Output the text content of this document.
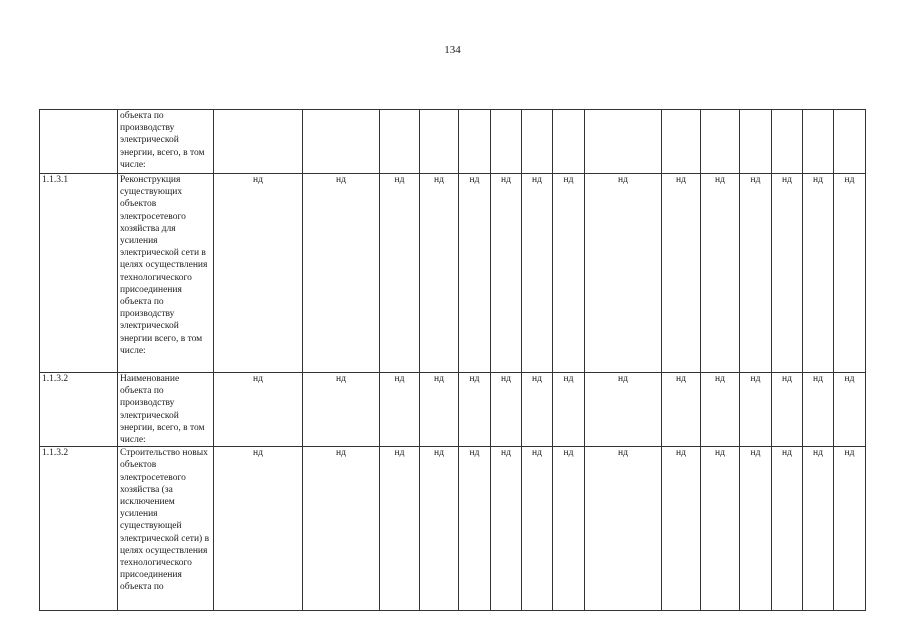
134
	объекта по производству электрической энергии, всего, в том числе:																
1.1.3.1	Реконструкция существующих объектов электросетевого хозяйства для усиления электрической сети в целях осуществления технологического присоединения объекта по производству электрической энергии всего, в том числе:	нд	нд	нд	нд	нд	нд	нд	нд	нд	нд	нд	нд	нд	нд	нд	
1.1.3.2	Наименование объекта по производству электрической энергии, всего, в том числе:	нд	нд	нд	нд	нд	нд	нд	нд	нд	нд	нд	нд	нд	нд	нд	
1.1.3.2	Строительство новых объектов электросетевого хозяйства (за исключением усиления существующей электрической сети) в целях осуществления технологического присоединения объекта по	нд	нд	нд	нд	нд	нд	нд	нд	нд	нд	нд	нд	нд	нд	нд	
